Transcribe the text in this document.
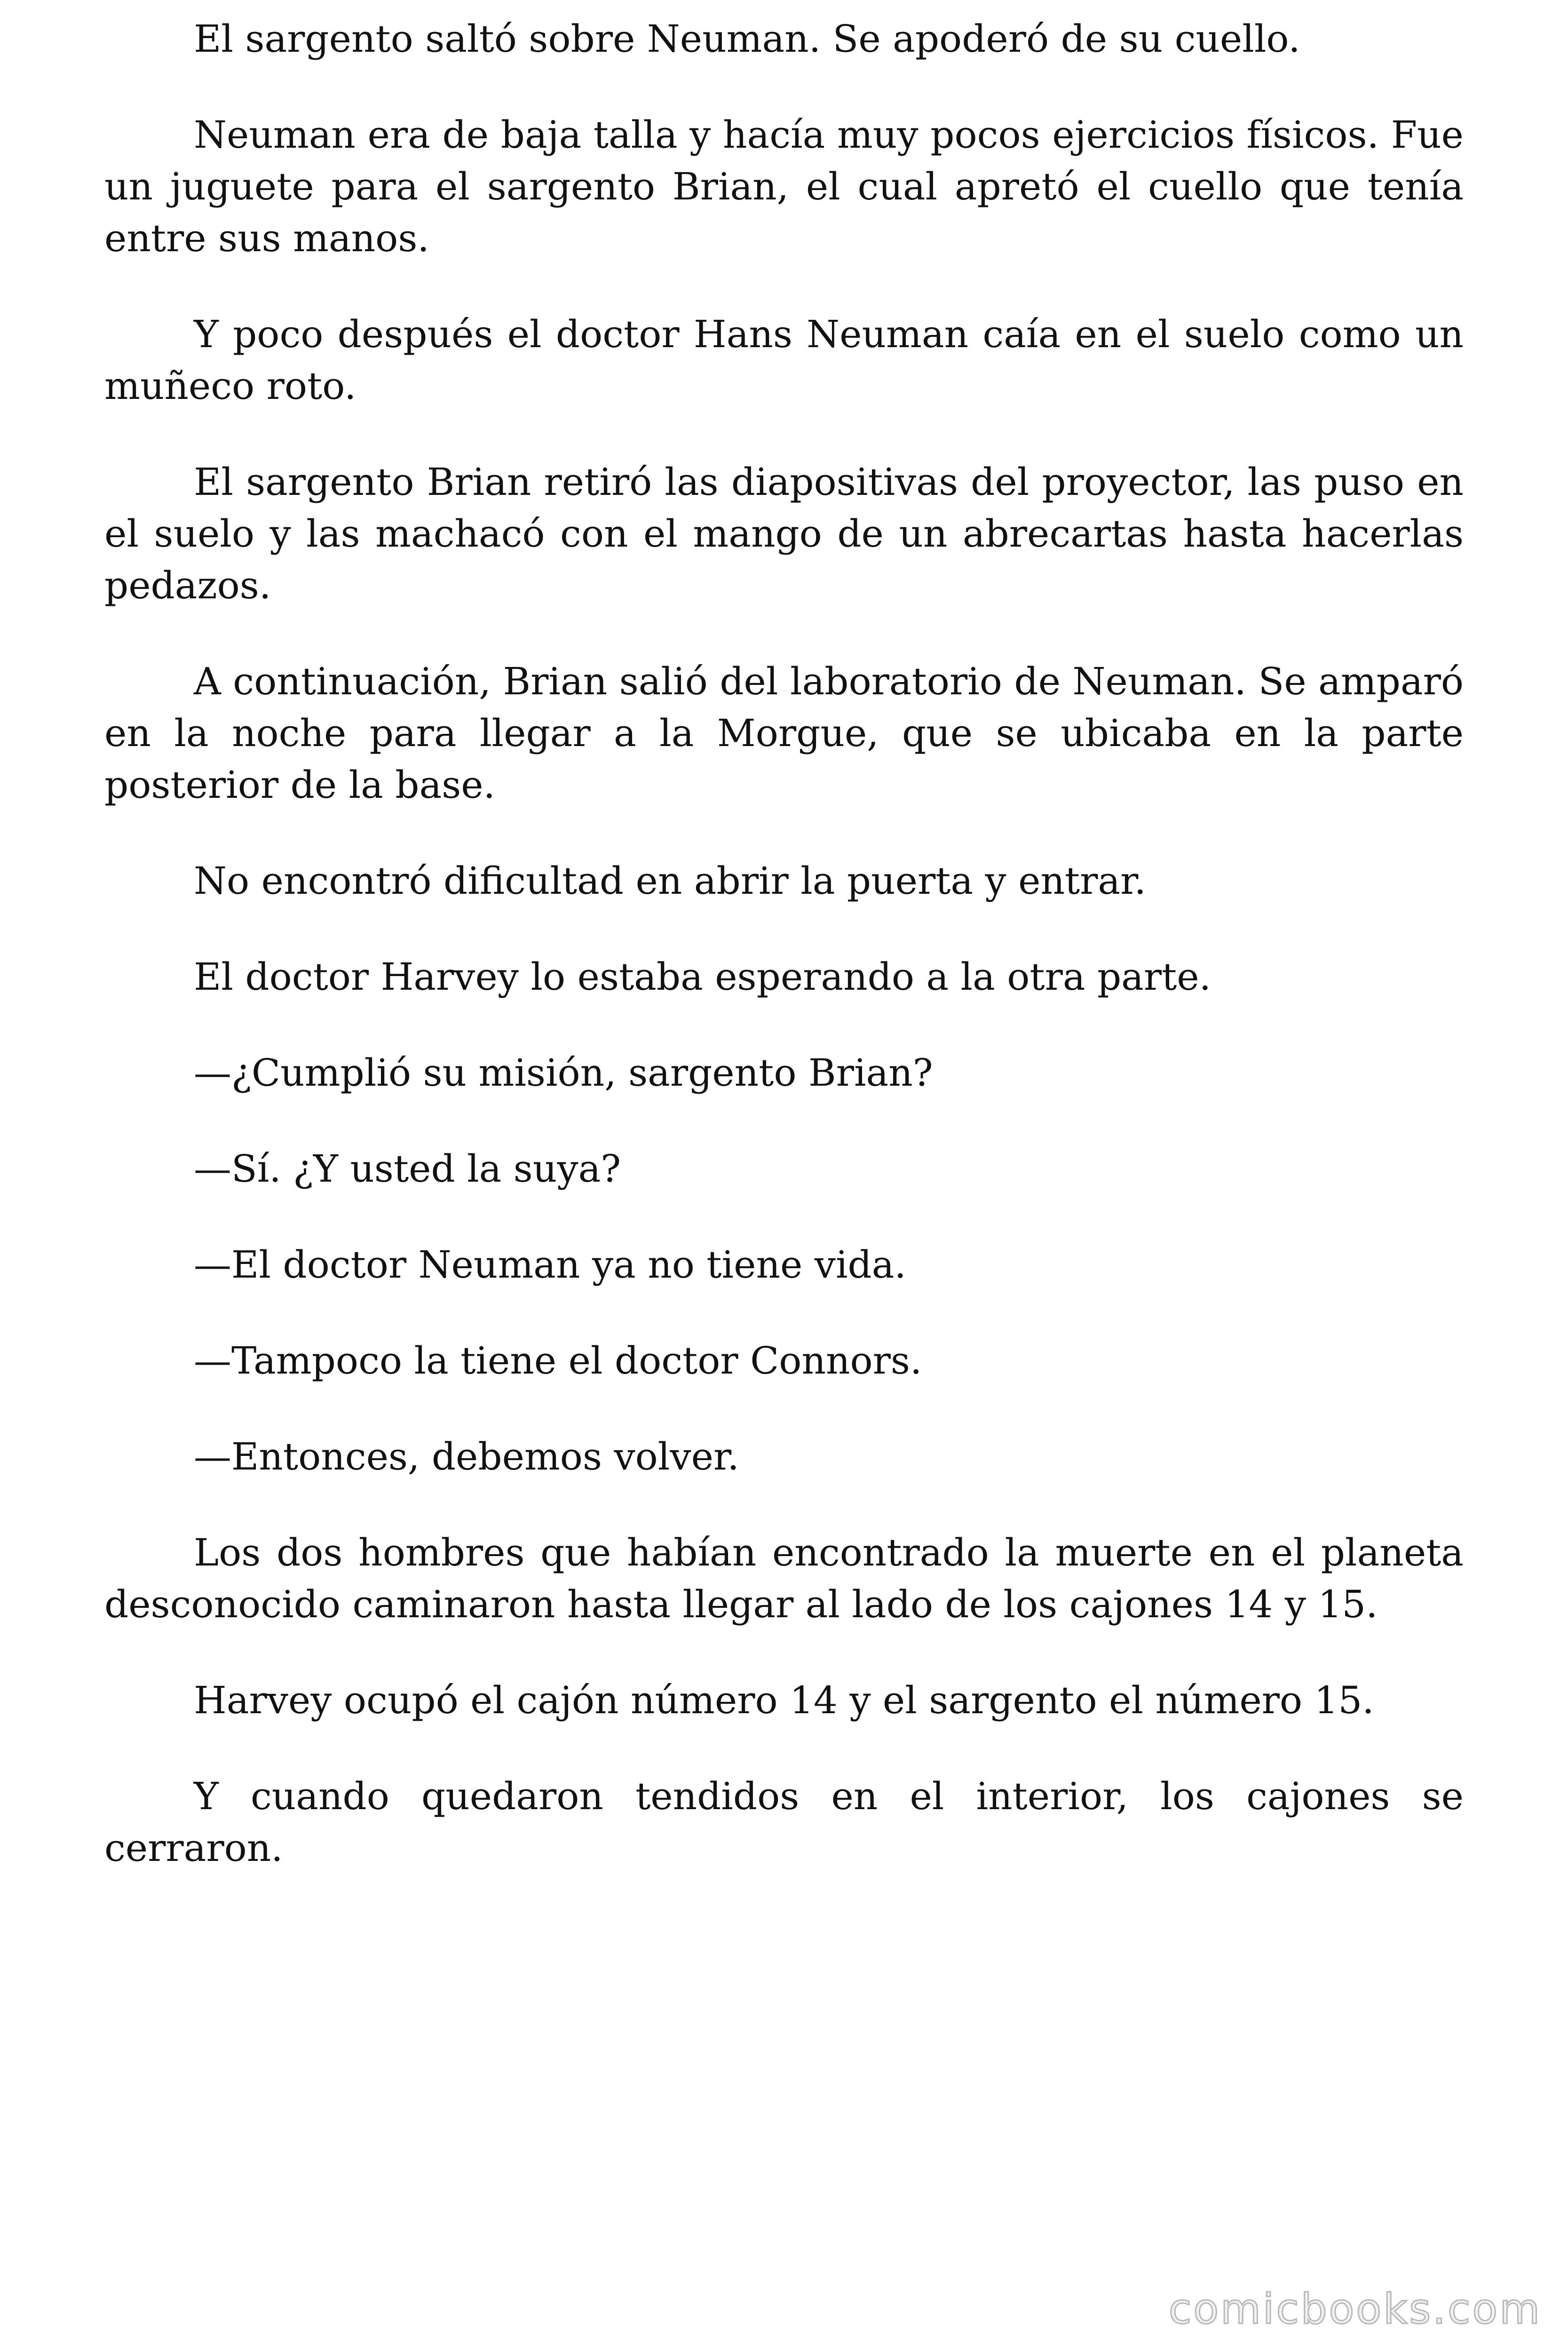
El sargento saltó sobre Neuman. Se apoderó de su cuello.

Neuman era de baja talla y hacía muy pocos ejercicios físicos. Fue un juguete para el sargento Brian, el cual apretó el cuello que tenía entre sus manos.

Y poco después el doctor Hans Neuman caía en el suelo como un muñeco roto.

El sargento Brian retiró las diapositivas del proyector, las puso en el suelo y las machacó con el mango de un abrecartas hasta hacerlas pedazos.

A continuación, Brian salió del laboratorio de Neuman. Se amparó en la noche para llegar a la Morgue, que se ubicaba en la parte posterior de la base.

No encontró dificultad en abrir la puerta y entrar.

El doctor Harvey lo estaba esperando a la otra parte.

—¿Cumplió su misión, sargento Brian?

—Sí. ¿Y usted la suya?

—El doctor Neuman ya no tiene vida.

—Tampoco la tiene el doctor Connors.

—Entonces, debemos volver.

Los dos hombres que habían encontrado la muerte en el planeta desconocido caminaron hasta llegar al lado de los cajones 14 y 15.

Harvey ocupó el cajón número 14 y el sargento el número 15.

Y cuando quedaron tendidos en el interior, los cajones se cerraron.

comicbooks.com
